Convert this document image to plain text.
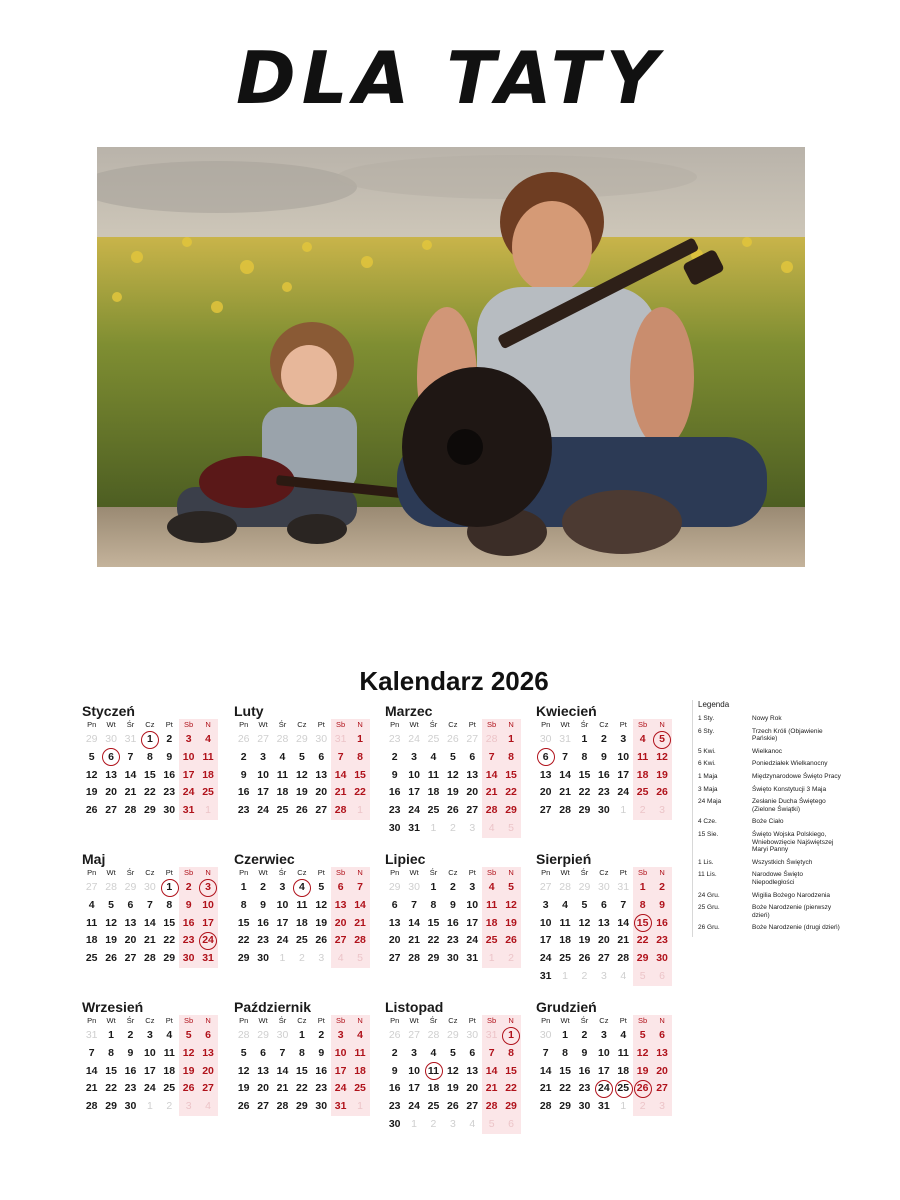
DLA TATY
Kalendarz 2026
Styczeń
Pn	Wt	Śr	Cz	Pt	Sb	N
29 30 31	1	2	3	4
5	6	7	8	9	10 11
12 13 14 15 16 17 18
19 20 21 22 23 24 25
26 27 28 29 30 31	1
Luty
Pn	Wt	Śr	Cz	Pt	Sb	N
26 27 28 29 30 31	1
2	3	4	5	6	7	8
9	10 11 12 13 14 15
16 17 18 19 20 21 22
23 24 25 26 27 28	1
Marzec
Pn	Wt	Śr	Cz	Pt	Sb	N
23 24 25 26 27 28	1
2	3	4	5	6	7	8
9	10 11 12 13 14 15
16 17 18 19 20 21 22
23 24 25 26 27 28 29
30 31	1	2	3	4	5
Kwiecień
Pn	Wt	Śr	Cz	Pt	Sb	N
30 31	1	2	3	4	5
6	7	8	9	10 11 12
13 14 15 16 17 18 19
20 21 22 23 24 25 26
27 28 29 30	1	2	3
Maj
Pn	Wt	Śr	Cz	Pt	Sb	N
27 28 29 30	1	2	3
4	5	6	7	8	9	10
11 12 13 14 15 16 17
18 19 20 21 22 23 24
25 26 27 28 29 30 31
Czerwiec
Pn	Wt	Śr	Cz	Pt	Sb	N
1	2	3	4	5	6	7
8	9	10 11 12 13 14
15 16 17 18 19 20 21
22 23 24 25 26 27 28
29 30	1	2	3	4	5
Lipiec
Pn	Wt	Śr	Cz	Pt	Sb	N
29 30	1	2	3	4	5
6	7	8	9	10 11 12
13 14 15 16 17 18 19
20 21 22 23 24 25 26
27 28 29 30 31	1	2
Sierpień
Pn	Wt	Śr	Cz	Pt	Sb	N
27 28 29 30 31	1	2
3	4	5	6	7	8	9
10 11 12 13 14 15 16
17 18 19 20 21 22 23
24 25 26 27 28 29 30
31	1	2	3	4	5	6
Wrzesień
Pn	Wt	Śr	Cz	Pt	Sb	N
31	1	2	3	4	5	6
7	8	9	10 11 12 13
14 15 16 17 18 19 20
21 22 23 24 25 26 27
28 29 30	1	2	3	4
Październik
Pn	Wt	Śr	Cz	Pt	Sb	N
28 29 30	1	2	3	4
5	6	7	8	9	10 11
12 13 14 15 16 17 18
19 20 21 22 23 24 25
26 27 28 29 30 31	1
Listopad
Pn	Wt	Śr	Cz	Pt	Sb	N
26 27 28 29 30 31	1
2	3	4	5	6	7	8
9	10 11 12 13 14 15
16 17 18 19 20 21 22
23 24 25 26 27 28 29
30	1	2	3	4	5	6
Grudzień
Pn	Wt	Śr	Cz	Pt	Sb	N
30	1	2	3	4	5	6
7	8	9	10 11 12 13
14 15 16 17 18 19 20
21 22 23 24 25 26 27
28 29 30 31	1	2	3
Legenda
1 Sty.	Nowy Rok
6 Sty.	Trzech Króli (Objawienie Pańskie)
5 Kwi.	Wielkanoc
6 Kwi.	Poniedziałek Wielkanocny
1 Maja	Międzynarodowe Święto Pracy
3 Maja	Święto Konstytucji 3 Maja
24 Maja	Zesłanie Ducha Świętego (Zielone Świątki)
4 Cze.	Boże Ciało
15 Sie.	Święto Wojska Polskiego, Wniebowzięcie Najświętszej Maryi Panny
1 Lis.	Wszystkich Świętych
11 Lis.	Narodowe Święto Niepodległości
24 Gru.	Wigilia Bożego Narodzenia
25 Gru.	Boże Narodzenie (pierwszy dzień)
26 Gru.	Boże Narodzenie (drugi dzień)
